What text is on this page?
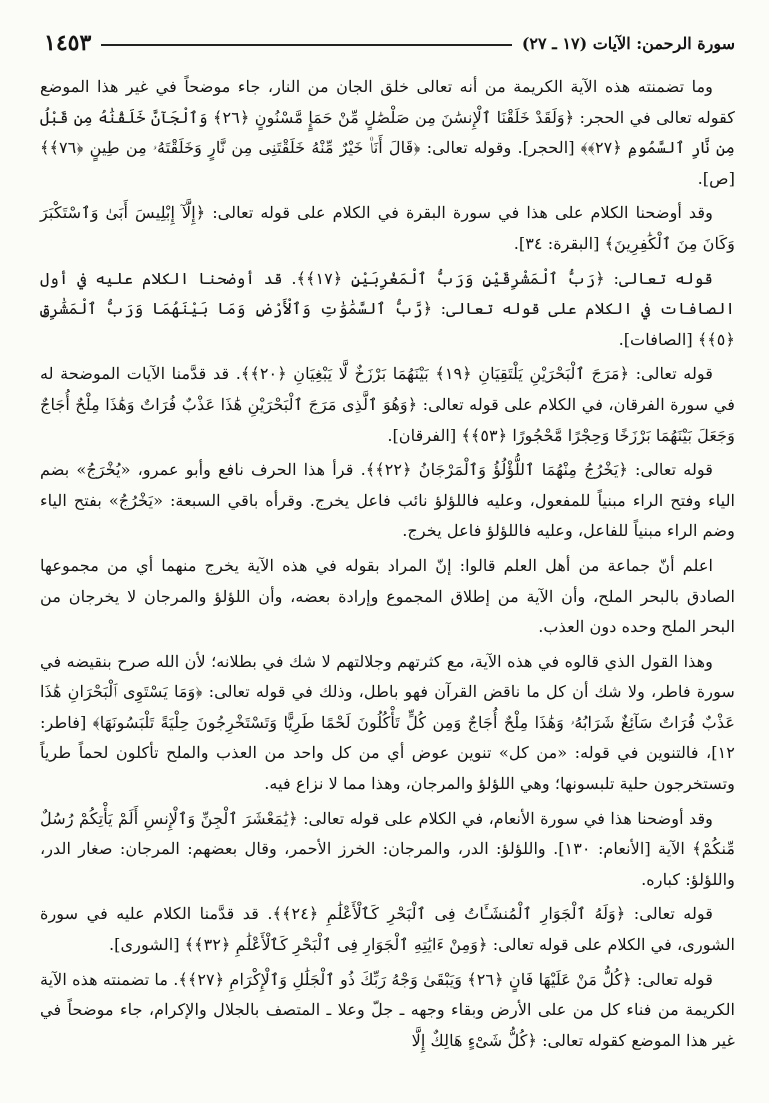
سورة الرحمن: الآيات (١٧ ـ ٢٧)
١٤٥٣

وما تضمنته هذه الآية الكريمة من أنه تعالى خلق الجان من النار، جاء موضحاً في غير هذا الموضع كقوله تعالى في الحجر: ﴿وَلَقَدْ خَلَقْنَا ٱلْإِنسَٰنَ مِن صَلْصَٰلٍ مِّنْ حَمَإٍ مَّسْنُونٍ ﴿٢٦﴾ وَٱلْجَآنَّ خَلَقْنَٰهُ مِن قَبْلُ مِن نَّارِ ٱلسَّمُومِ ﴿٢٧﴾﴾ [الحجر]. وقوله تعالى: ﴿قَالَ أَنَا۠ خَيْرٌ مِّنْهُ خَلَقْتَنِى مِن نَّارٍ وَخَلَقْتَهُۥ مِن طِينٍ ﴿٧٦﴾﴾ [ص].

وقد أوضحنا الكلام على هذا في سورة البقرة في الكلام على قوله تعالى: ﴿إِلَّآ إِبْلِيسَ أَبَىٰ وَٱسْتَكْبَرَ وَكَانَ مِنَ ٱلْكَٰفِرِينَ﴾ [البقرة: ٣٤].

قوله تعالى: ﴿رَبُّ ٱلْمَشْرِقَيْنِ وَرَبُّ ٱلْمَغْرِبَيْنِ ﴿١٧﴾﴾. قد أوضحنا الكلام عليه في أول الصافات في الكلام على قوله تعالى: ﴿رَّبُّ ٱلسَّمَٰوَٰتِ وَٱلْأَرْضِ وَمَا بَيْنَهُمَا وَرَبُّ ٱلْمَشَٰرِقِ ﴿٥﴾﴾ [الصافات].

قوله تعالى: ﴿مَرَجَ ٱلْبَحْرَيْنِ يَلْتَقِيَانِ ﴿١٩﴾ بَيْنَهُمَا بَرْزَخٌ لَّا يَبْغِيَانِ ﴿٢٠﴾﴾. قد قدَّمنا الآيات الموضحة له في سورة الفرقان، في الكلام على قوله تعالى: ﴿وَهُوَ ٱلَّذِى مَرَجَ ٱلْبَحْرَيْنِ هَٰذَا عَذْبٌ فُرَاتٌ وَهَٰذَا مِلْحٌ أُجَاجٌ وَجَعَلَ بَيْنَهُمَا بَرْزَخًا وَحِجْرًا مَّحْجُورًا ﴿٥٣﴾﴾ [الفرقان].

قوله تعالى: ﴿يَخْرُجُ مِنْهُمَا ٱللُّؤْلُؤُ وَٱلْمَرْجَانُ ﴿٢٢﴾﴾. قرأ هذا الحرف نافع وأبو عمرو، «يُخْرَجُ» بضم الياء وفتح الراء مبنياً للمفعول، وعليه فاللؤلؤ نائب فاعل يخرج. وقرأه باقي السبعة: «يَخْرُجُ» بفتح الياء وضم الراء مبنياً للفاعل، وعليه فاللؤلؤ فاعل يخرج.

اعلم أنّ جماعة من أهل العلم قالوا: إنّ المراد بقوله في هذه الآية يخرج منهما أي من مجموعها الصادق بالبحر الملح، وأن الآية من إطلاق المجموع وإرادة بعضه، وأن اللؤلؤ والمرجان لا يخرجان من البحر الملح وحده دون العذب.

وهذا القول الذي قالوه في هذه الآية، مع كثرتهم وجلالتهم لا شك في بطلانه؛ لأن الله صرح بنقيضه في سورة فاطر، ولا شك أن كل ما ناقض القرآن فهو باطل، وذلك في قوله تعالى: ﴿وَمَا يَسْتَوِى ٱلْبَحْرَانِ هَٰذَا عَذْبٌ فُرَاتٌ سَآئِغٌ شَرَابُهُۥ وَهَٰذَا مِلْحٌ أُجَاجٌ وَمِن كُلٍّ تَأْكُلُونَ لَحْمًا طَرِيًّا وَتَسْتَخْرِجُونَ حِلْيَةً تَلْبَسُونَهَا﴾ [فاطر: ١٢]، فالتنوين في قوله: «من كل» تنوين عوض أي من كل واحد من العذب والملح تأكلون لحماً طرياً وتستخرجون حلية تلبسونها؛ وهي اللؤلؤ والمرجان، وهذا مما لا نزاع فيه.

وقد أوضحنا هذا في سورة الأنعام، في الكلام على قوله تعالى: ﴿يَٰمَعْشَرَ ٱلْجِنِّ وَٱلْإِنسِ أَلَمْ يَأْتِكُمْ رُسُلٌ مِّنكُمْ﴾ الآية [الأنعام: ١٣٠]. واللؤلؤ: الدر، والمرجان: الخرز الأحمر، وقال بعضهم: المرجان: صغار الدر، واللؤلؤ: كباره.

قوله تعالى: ﴿وَلَهُ ٱلْجَوَارِ ٱلْمُنشَـَٔاتُ فِى ٱلْبَحْرِ كَٱلْأَعْلَٰمِ ﴿٢٤﴾﴾. قد قدَّمنا الكلام عليه في سورة الشورى، في الكلام على قوله تعالى: ﴿وَمِنْ ءَايَٰتِهِ ٱلْجَوَارِ فِى ٱلْبَحْرِ كَٱلْأَعْلَٰمِ ﴿٣٢﴾﴾ [الشورى].

قوله تعالى: ﴿كُلُّ مَنْ عَلَيْهَا فَانٍ ﴿٢٦﴾ وَيَبْقَىٰ وَجْهُ رَبِّكَ ذُو ٱلْجَلَٰلِ وَٱلْإِكْرَامِ ﴿٢٧﴾﴾. ما تضمنته هذه الآية الكريمة من فناء كل من على الأرض وبقاء وجهه ـ جلّ وعلا ـ المتصف بالجلال والإكرام، جاء موضحاً في غير هذا الموضع كقوله تعالى: ﴿كُلُّ شَىْءٍ هَالِكٌ إِلَّا
